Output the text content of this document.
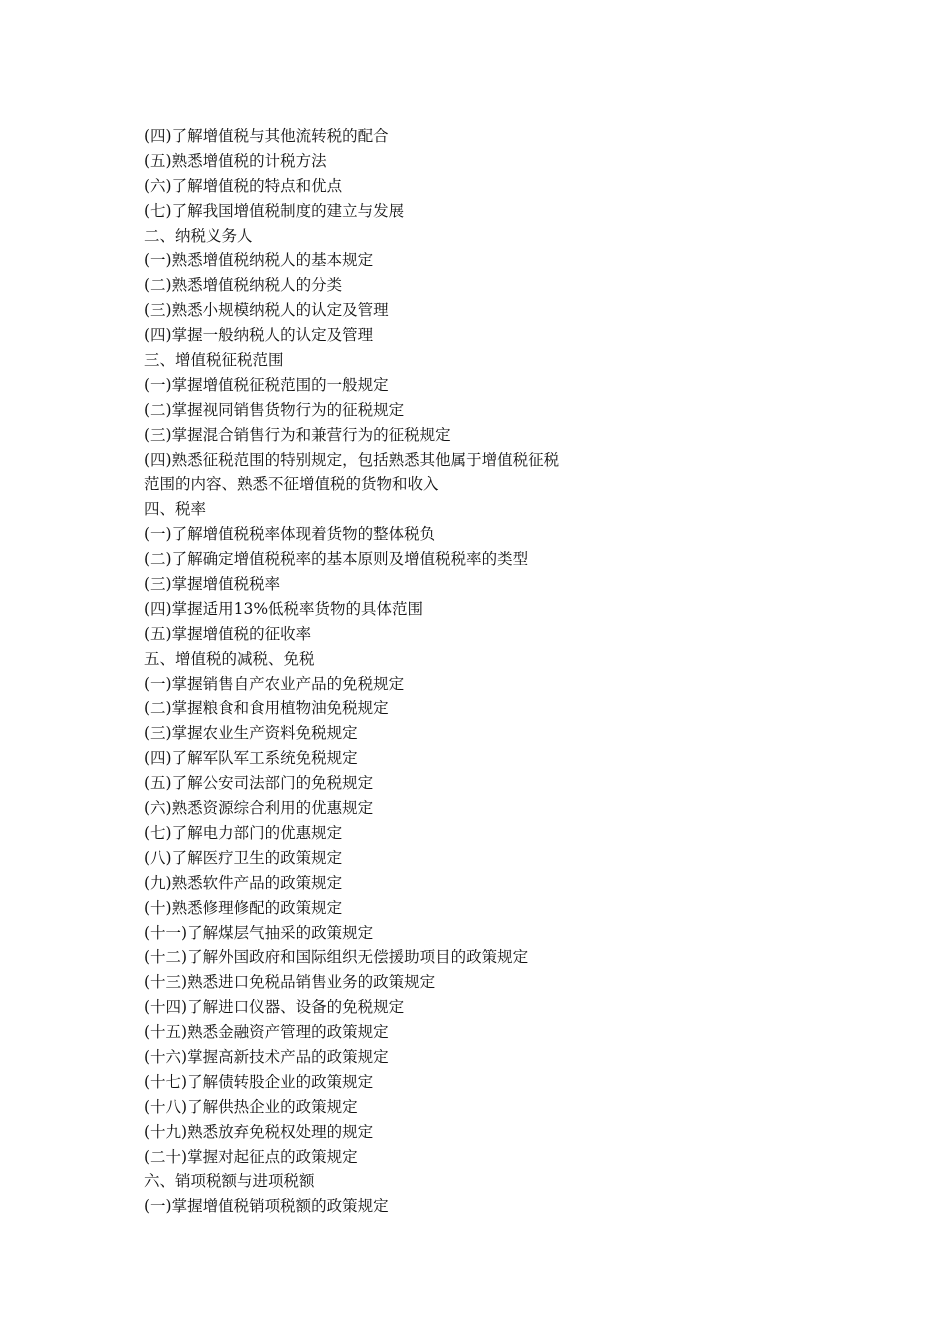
(四)了解增值税与其他流转税的配合

(五)熟悉增值税的计税方法

(六)了解增值税的特点和优点

(七)了解我国增值税制度的建立与发展

二、纳税义务人

(一)熟悉增值税纳税人的基本规定

(二)熟悉增值税纳税人的分类

(三)熟悉小规模纳税人的认定及管理

(四)掌握一般纳税人的认定及管理

三、增值税征税范围

(一)掌握增值税征税范围的一般规定

(二)掌握视同销售货物行为的征税规定

(三)掌握混合销售行为和兼营行为的征税规定

(四)熟悉征税范围的特别规定，包括熟悉其他属于增值税征税

范围的内容、熟悉不征增值税的货物和收入

四、税率

(一)了解增值税税率体现着货物的整体税负

(二)了解确定增值税税率的基本原则及增值税税率的类型

(三)掌握增值税税率

(四)掌握适用13%低税率货物的具体范围

(五)掌握增值税的征收率

五、增值税的减税、免税

(一)掌握销售自产农业产品的免税规定

(二)掌握粮食和食用植物油免税规定

(三)掌握农业生产资料免税规定

(四)了解军队军工系统免税规定

(五)了解公安司法部门的免税规定

(六)熟悉资源综合利用的优惠规定

(七)了解电力部门的优惠规定

(八)了解医疗卫生的政策规定

(九)熟悉软件产品的政策规定

(十)熟悉修理修配的政策规定

(十一)了解煤层气抽采的政策规定

(十二)了解外国政府和国际组织无偿援助项目的政策规定

(十三)熟悉进口免税品销售业务的政策规定

(十四)了解进口仪器、设备的免税规定

(十五)熟悉金融资产管理的政策规定

(十六)掌握高新技术产品的政策规定

(十七)了解债转股企业的政策规定

(十八)了解供热企业的政策规定

(十九)熟悉放弃免税权处理的规定

(二十)掌握对起征点的政策规定

六、销项税额与进项税额

(一)掌握增值税销项税额的政策规定
